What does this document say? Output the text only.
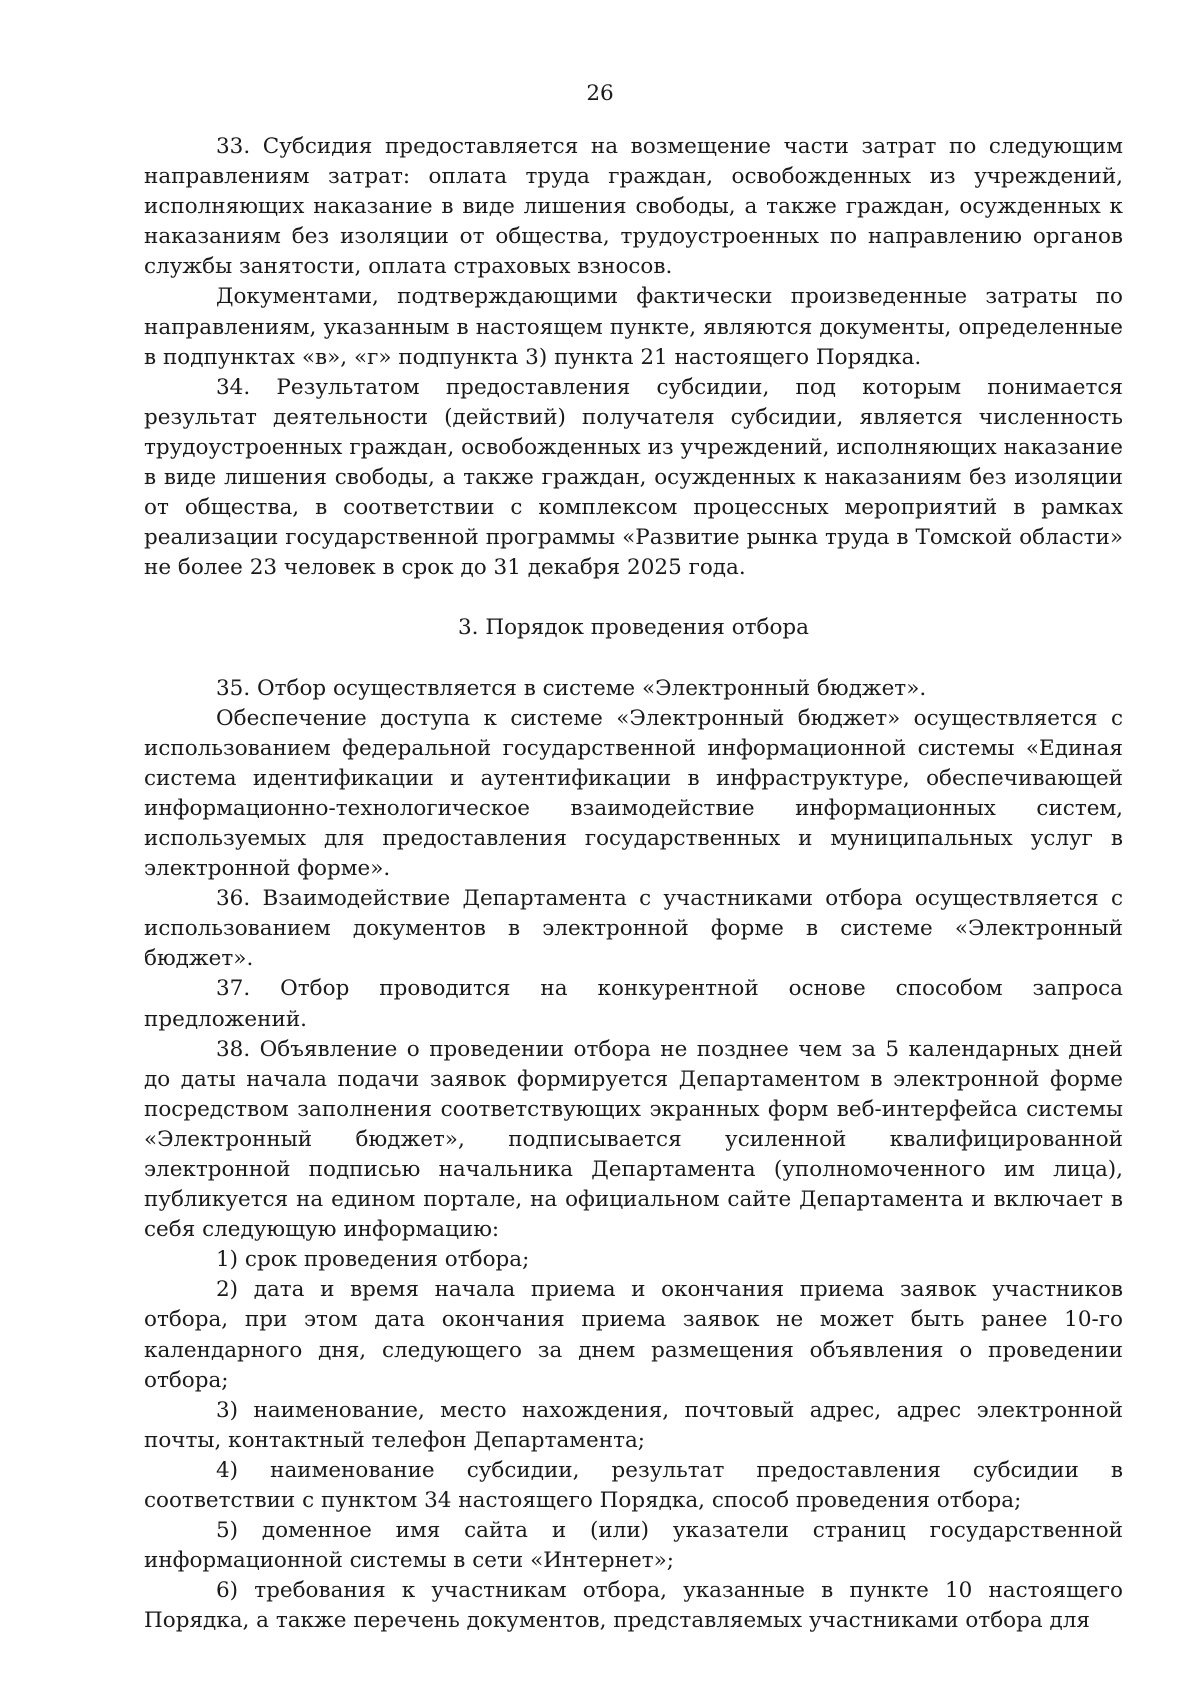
26

33. Субсидия предоставляется на возмещение части затрат по следующим направлениям затрат: оплата труда граждан, освобожденных из учреждений, исполняющих наказание в виде лишения свободы, а также граждан, осужденных к наказаниям без изоляции от общества, трудоустроенных по направлению органов службы занятости, оплата страховых взносов.

Документами, подтверждающими фактически произведенные затраты по направлениям, указанным в настоящем пункте, являются документы, определенные в подпунктах «в», «г» подпункта 3) пункта 21 настоящего Порядка.

34. Результатом предоставления субсидии, под которым понимается результат деятельности (действий) получателя субсидии, является численность трудоустроенных граждан, освобожденных из учреждений, исполняющих наказание в виде лишения свободы, а также граждан, осужденных к наказаниям без изоляции от общества, в соответствии с комплексом процессных мероприятий в рамках реализации государственной программы «Развитие рынка труда в Томской области» не более 23 человек в срок до 31 декабря 2025 года.

3. Порядок проведения отбора

35. Отбор осуществляется в системе «Электронный бюджет».

Обеспечение доступа к системе «Электронный бюджет» осуществляется с использованием федеральной государственной информационной системы «Единая система идентификации и аутентификации в инфраструктуре, обеспечивающей информационно-технологическое взаимодействие информационных систем, используемых для предоставления государственных и муниципальных услуг в электронной форме».

36. Взаимодействие Департамента с участниками отбора осуществляется с использованием документов в электронной форме в системе «Электронный бюджет».

37. Отбор проводится на конкурентной основе способом запроса предложений.

38. Объявление о проведении отбора не позднее чем за 5 календарных дней до даты начала подачи заявок формируется Департаментом в электронной форме посредством заполнения соответствующих экранных форм веб-интерфейса системы «Электронный бюджет», подписывается усиленной квалифицированной электронной подписью начальника Департамента (уполномоченного им лица), публикуется на едином портале, на официальном сайте Департамента и включает в себя следующую информацию:

1) срок проведения отбора;

2) дата и время начала приема и окончания приема заявок участников отбора, при этом дата окончания приема заявок не может быть ранее 10-го календарного дня, следующего за днем размещения объявления о проведении отбора;

3) наименование, место нахождения, почтовый адрес, адрес электронной почты, контактный телефон Департамента;

4) наименование субсидии, результат предоставления субсидии в соответствии с пунктом 34 настоящего Порядка, способ проведения отбора;

5) доменное имя сайта и (или) указатели страниц государственной информационной системы в сети «Интернет»;

6) требования к участникам отбора, указанные в пункте 10 настоящего Порядка, а также перечень документов, представляемых участниками отбора для
